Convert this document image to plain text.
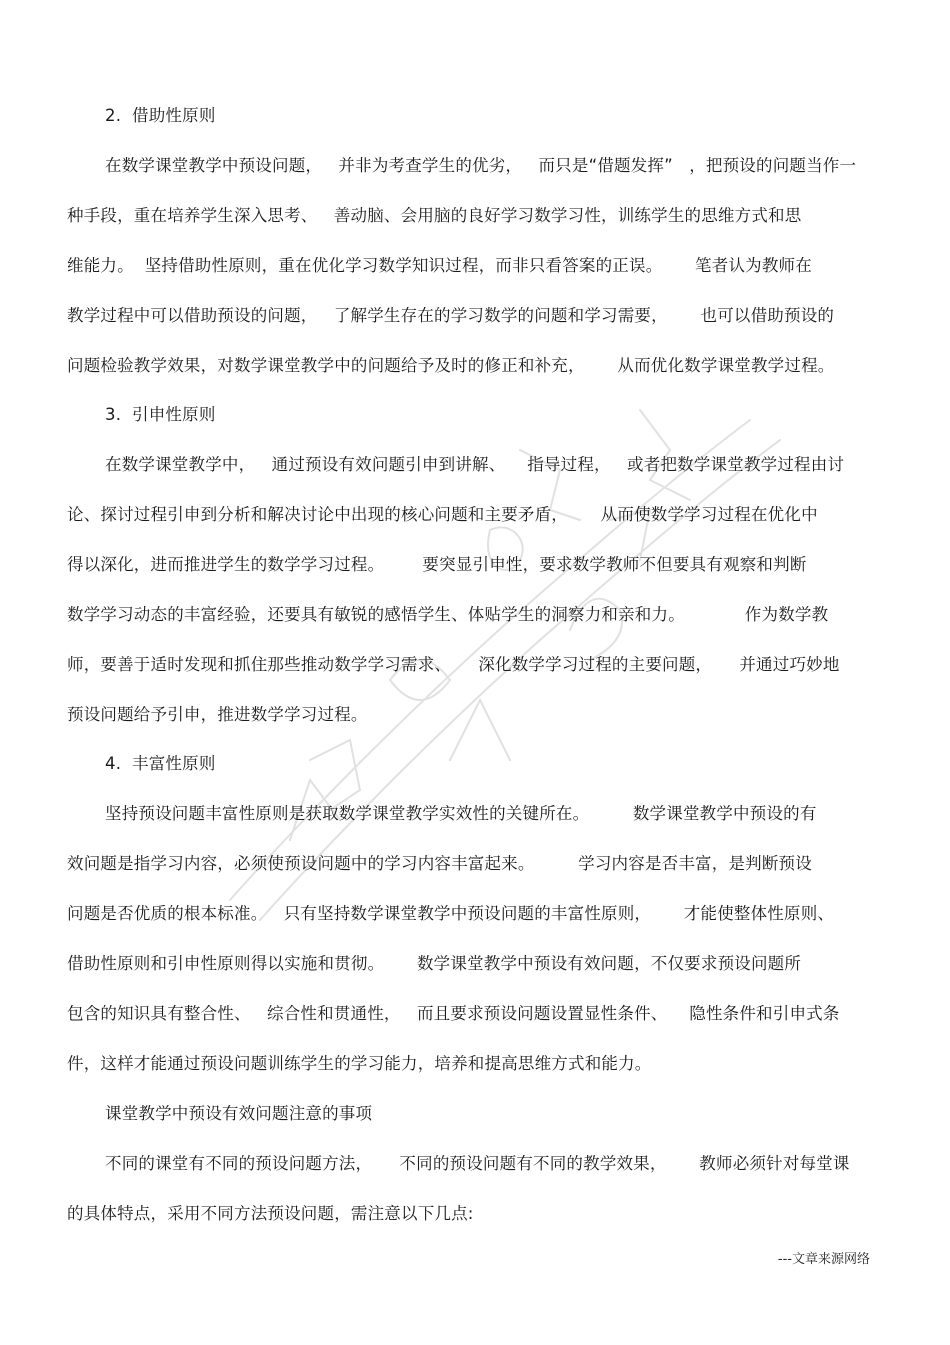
2.  借助性原则
在数学课堂教学中预设问题，   并非为考查学生的优劣，   而只是“借题发挥”   ，把预设的问题当作一
种手段，重在培养学生深入思考、   善动脑、会用脑的良好学习数学习性，训练学生的思维方式和思
维能力。  坚持借助性原则，重在优化学习数学知识过程，而非只看答案的正误。      笔者认为教师在
教学过程中可以借助预设的问题，   了解学生存在的学习数学的问题和学习需要，      也可以借助预设的
问题检验教学效果，对数学课堂教学中的问题给予及时的修正和补充，      从而优化数学课堂教学过程。
3.  引申性原则
在数学课堂教学中，   通过预设有效问题引申到讲解、    指导过程，   或者把数学课堂教学过程由讨
论、探讨过程引申到分析和解决讨论中出现的核心问题和主要矛盾，      从而使数学学习过程在优化中
得以深化，进而推进学生的数学学习过程。       要突显引申性，要求数学教师不但要具有观察和判断
数学学习动态的丰富经验，还要具有敏锐的感悟学生、体贴学生的洞察力和亲和力。           作为数学教
师，要善于适时发现和抓住那些推动数学学习需求、     深化数学学习过程的主要问题，     并通过巧妙地
预设问题给予引申，推进数学学习过程。
4.  丰富性原则
坚持预设问题丰富性原则是获取数学课堂教学实效性的关键所在。        数学课堂教学中预设的有
效问题是指学习内容，必须使预设问题中的学习内容丰富起来。        学习内容是否丰富，是判断预设
问题是否优质的根本标准。   只有坚持数学课堂教学中预设问题的丰富性原则，      才能使整体性原则、
借助性原则和引申性原则得以实施和贯彻。      数学课堂教学中预设有效问题，不仅要求预设问题所
包含的知识具有整合性、   综合性和贯通性，   而且要求预设问题设置显性条件、    隐性条件和引申式条
件，这样才能通过预设问题训练学生的学习能力，培养和提高思维方式和能力。
课堂教学中预设有效问题注意的事项
不同的课堂有不同的预设问题方法，     不同的预设问题有不同的教学效果，      教师必须针对每堂课
的具体特点，采用不同方法预设问题，需注意以下几点:
---文章来源网络
